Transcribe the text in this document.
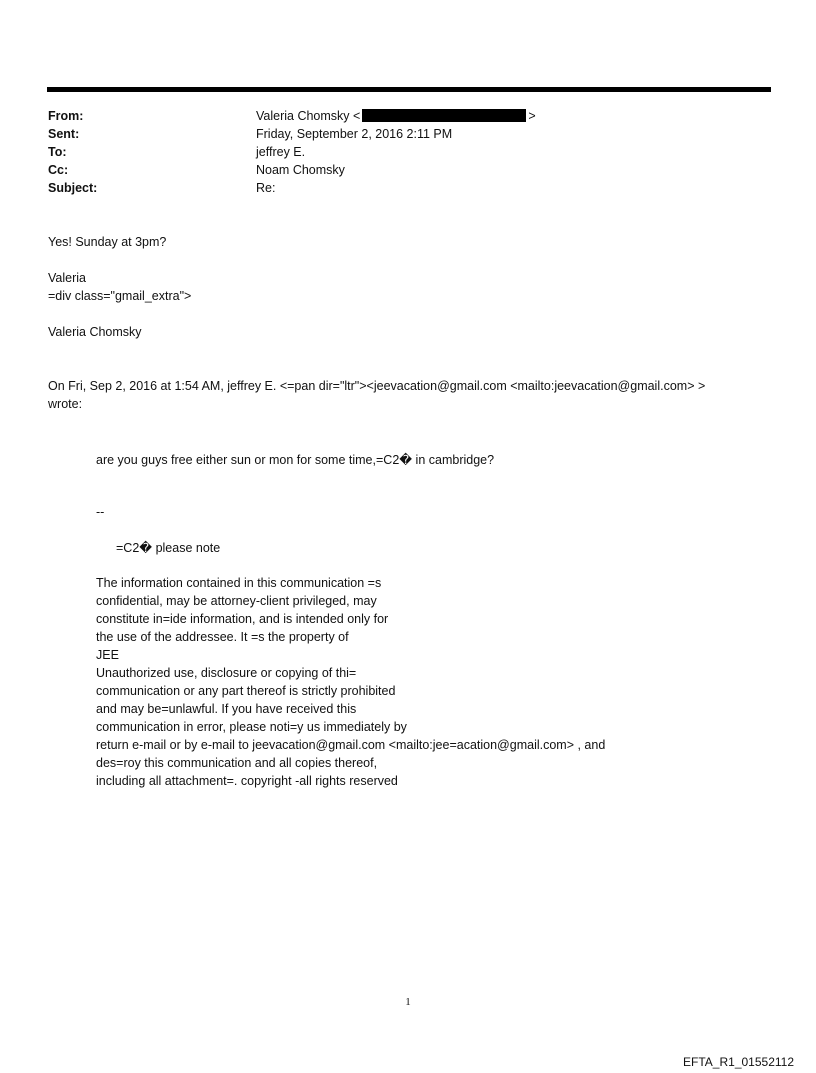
From:	Valeria Chomsky <	>
Sent:	Friday, September 2, 2016 2:11 PM
To:	jeffrey E.
Cc:	Noam Chomsky
Subject:	Re:
Yes! Sunday at 3pm?
Valeria
=div class="gmail_extra">
Valeria Chomsky
On Fri, Sep 2, 2016 at 1:54 AM, jeffrey E. <=pan dir="ltr"><jeevacation@gmail.com <mailto:jeevacation@gmail.com> >
wrote:
are you guys free either sun or mon for some time,=C2� in cambridge?
--
=C2� please note
The information contained in this communication =s
confidential, may be attorney-client privileged, may
constitute in=ide information, and is intended only for
the use of the addressee. It =s the property of
JEE
Unauthorized use, disclosure or copying of thi=
communication or any part thereof is strictly prohibited
and may be=unlawful. If you have received this
communication in error, please noti=y us immediately by
return e-mail or by e-mail to jeevacation@gmail.com <mailto:jee=acation@gmail.com> , and
des=roy this communication and all copies thereof,
including all attachment=. copyright -all rights reserved
1
EFTA_R1_01552112
